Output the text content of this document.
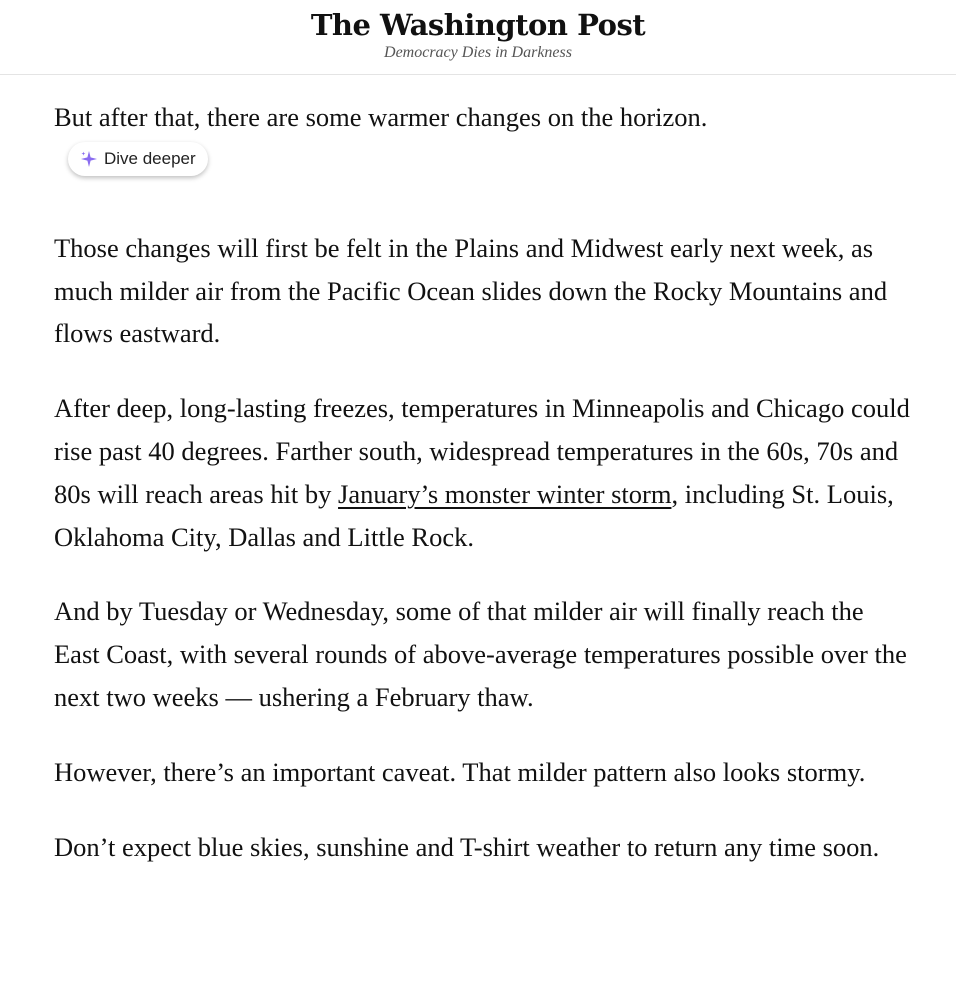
The Washington Post
Democracy Dies in Darkness

But after that, there are some warmer changes on the horizon.

Dive deeper

Those changes will first be felt in the Plains and Midwest early next week, as much milder air from the Pacific Ocean slides down the Rocky Mountains and flows eastward.

After deep, long-lasting freezes, temperatures in Minneapolis and Chicago could rise past 40 degrees. Farther south, widespread temperatures in the 60s, 70s and 80s will reach areas hit by January’s monster winter storm, including St. Louis, Oklahoma City, Dallas and Little Rock.

And by Tuesday or Wednesday, some of that milder air will finally reach the East Coast, with several rounds of above-average temperatures possible over the next two weeks — ushering a February thaw.

However, there’s an important caveat. That milder pattern also looks stormy.

Don’t expect blue skies, sunshine and T-shirt weather to return any time soon.
